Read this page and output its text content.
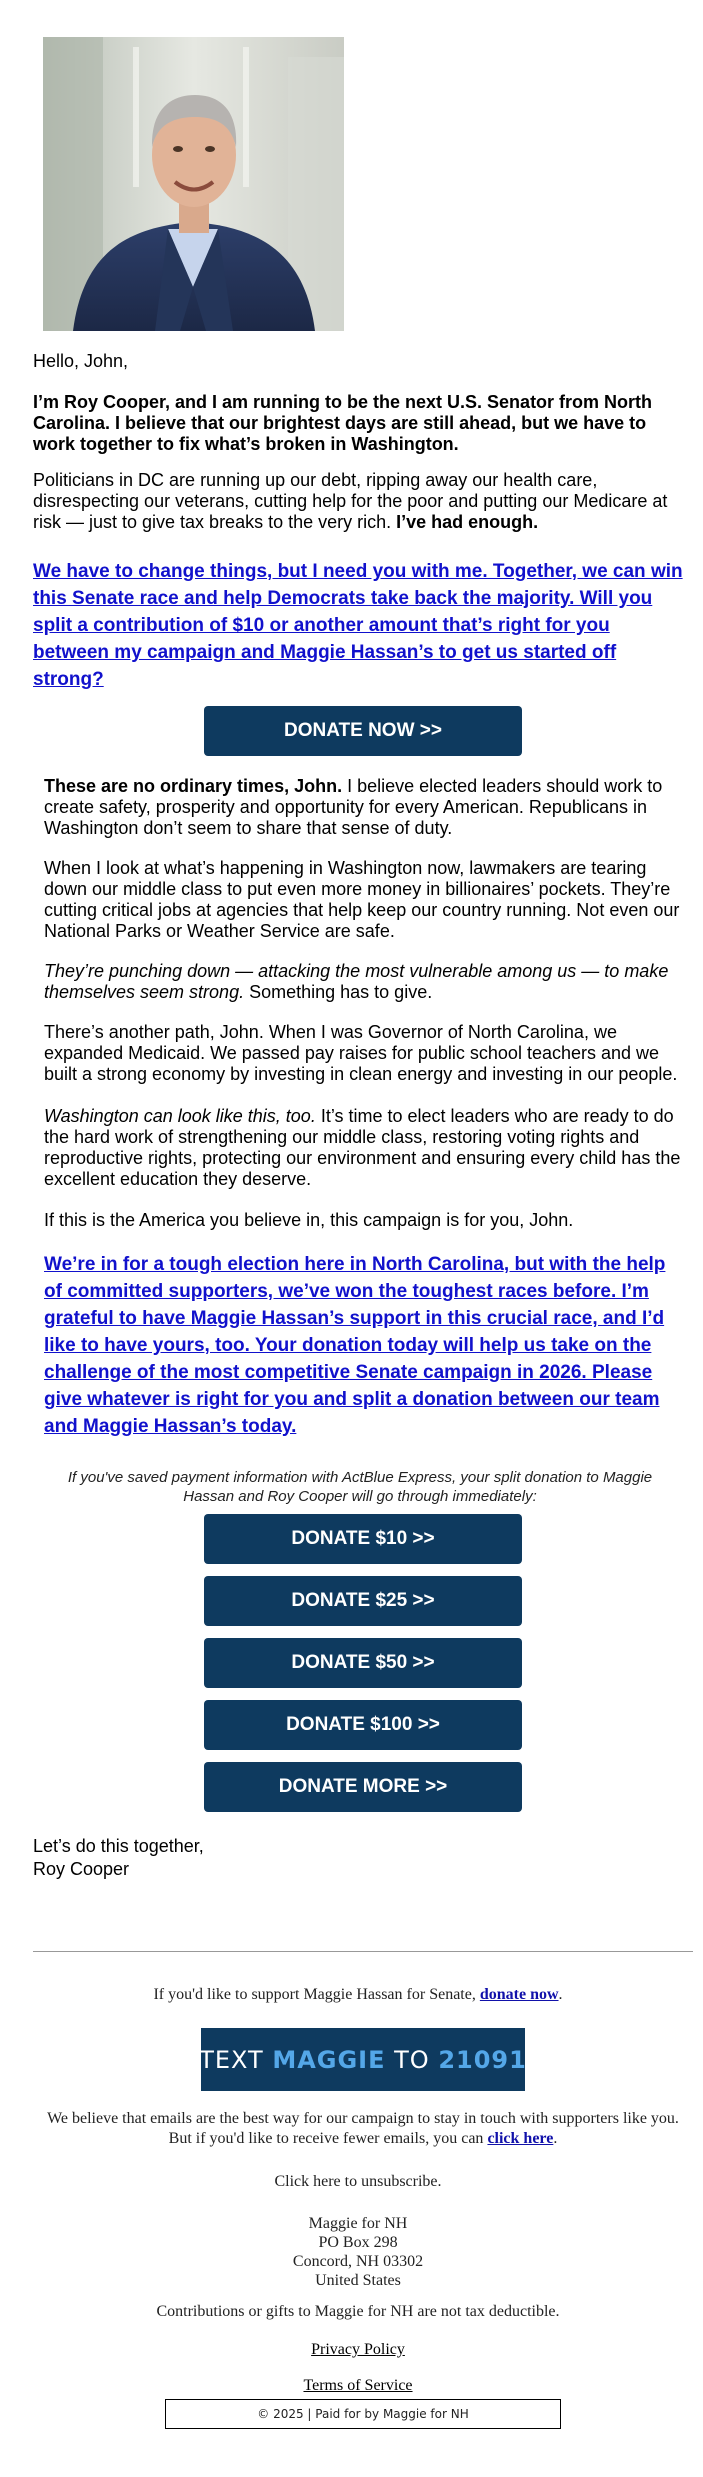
Hello, John,
I’m Roy Cooper, and I am running to be the next U.S. Senator from North Carolina. I believe that our brightest days are still ahead, but we have to work together to fix what’s broken in Washington.
Politicians in DC are running up our debt, ripping away our health care, disrespecting our veterans, cutting help for the poor and putting our Medicare at risk — just to give tax breaks to the very rich. I’ve had enough.
We have to change things, but I need you with me. Together, we can win this Senate race and help Democrats take back the majority. Will you split a contribution of $10 or another amount that’s right for you between my campaign and Maggie Hassan’s to get us started off strong?
DONATE NOW >>
These are no ordinary times, John. I believe elected leaders should work to create safety, prosperity and opportunity for every American. Republicans in Washington don’t seem to share that sense of duty.
When I look at what’s happening in Washington now, lawmakers are tearing down our middle class to put even more money in billionaires’ pockets. They’re cutting critical jobs at agencies that help keep our country running. Not even our National Parks or Weather Service are safe.
They’re punching down — attacking the most vulnerable among us — to make themselves seem strong. Something has to give.
There’s another path, John. When I was Governor of North Carolina, we expanded Medicaid. We passed pay raises for public school teachers and we built a strong economy by investing in clean energy and investing in our people.
Washington can look like this, too. It’s time to elect leaders who are ready to do the hard work of strengthening our middle class, restoring voting rights and reproductive rights, protecting our environment and ensuring every child has the excellent education they deserve.
If this is the America you believe in, this campaign is for you, John.
We’re in for a tough election here in North Carolina, but with the help of committed supporters, we’ve won the toughest races before. I’m grateful to have Maggie Hassan’s support in this crucial race, and I’d like to have yours, too. Your donation today will help us take on the challenge of the most competitive Senate campaign in 2026. Please give whatever is right for you and split a donation between our team and Maggie Hassan’s today.
If you've saved payment information with ActBlue Express, your split donation to Maggie Hassan and Roy Cooper will go through immediately:
DONATE $10 >>
DONATE $25 >>
DONATE $50 >>
DONATE $100 >>
DONATE MORE >>
Let’s do this together,
Roy Cooper
If you'd like to support Maggie Hassan for Senate, donate now.
TEXT MAGGIE TO 21091
We believe that emails are the best way for our campaign to stay in touch with supporters like you. But if you'd like to receive fewer emails, you can click here.
Click here to unsubscribe.
Maggie for NH
PO Box 298
Concord, NH 03302
United States
Contributions or gifts to Maggie for NH are not tax deductible.
Privacy Policy
Terms of Service
© 2025 | Paid for by Maggie for NH
